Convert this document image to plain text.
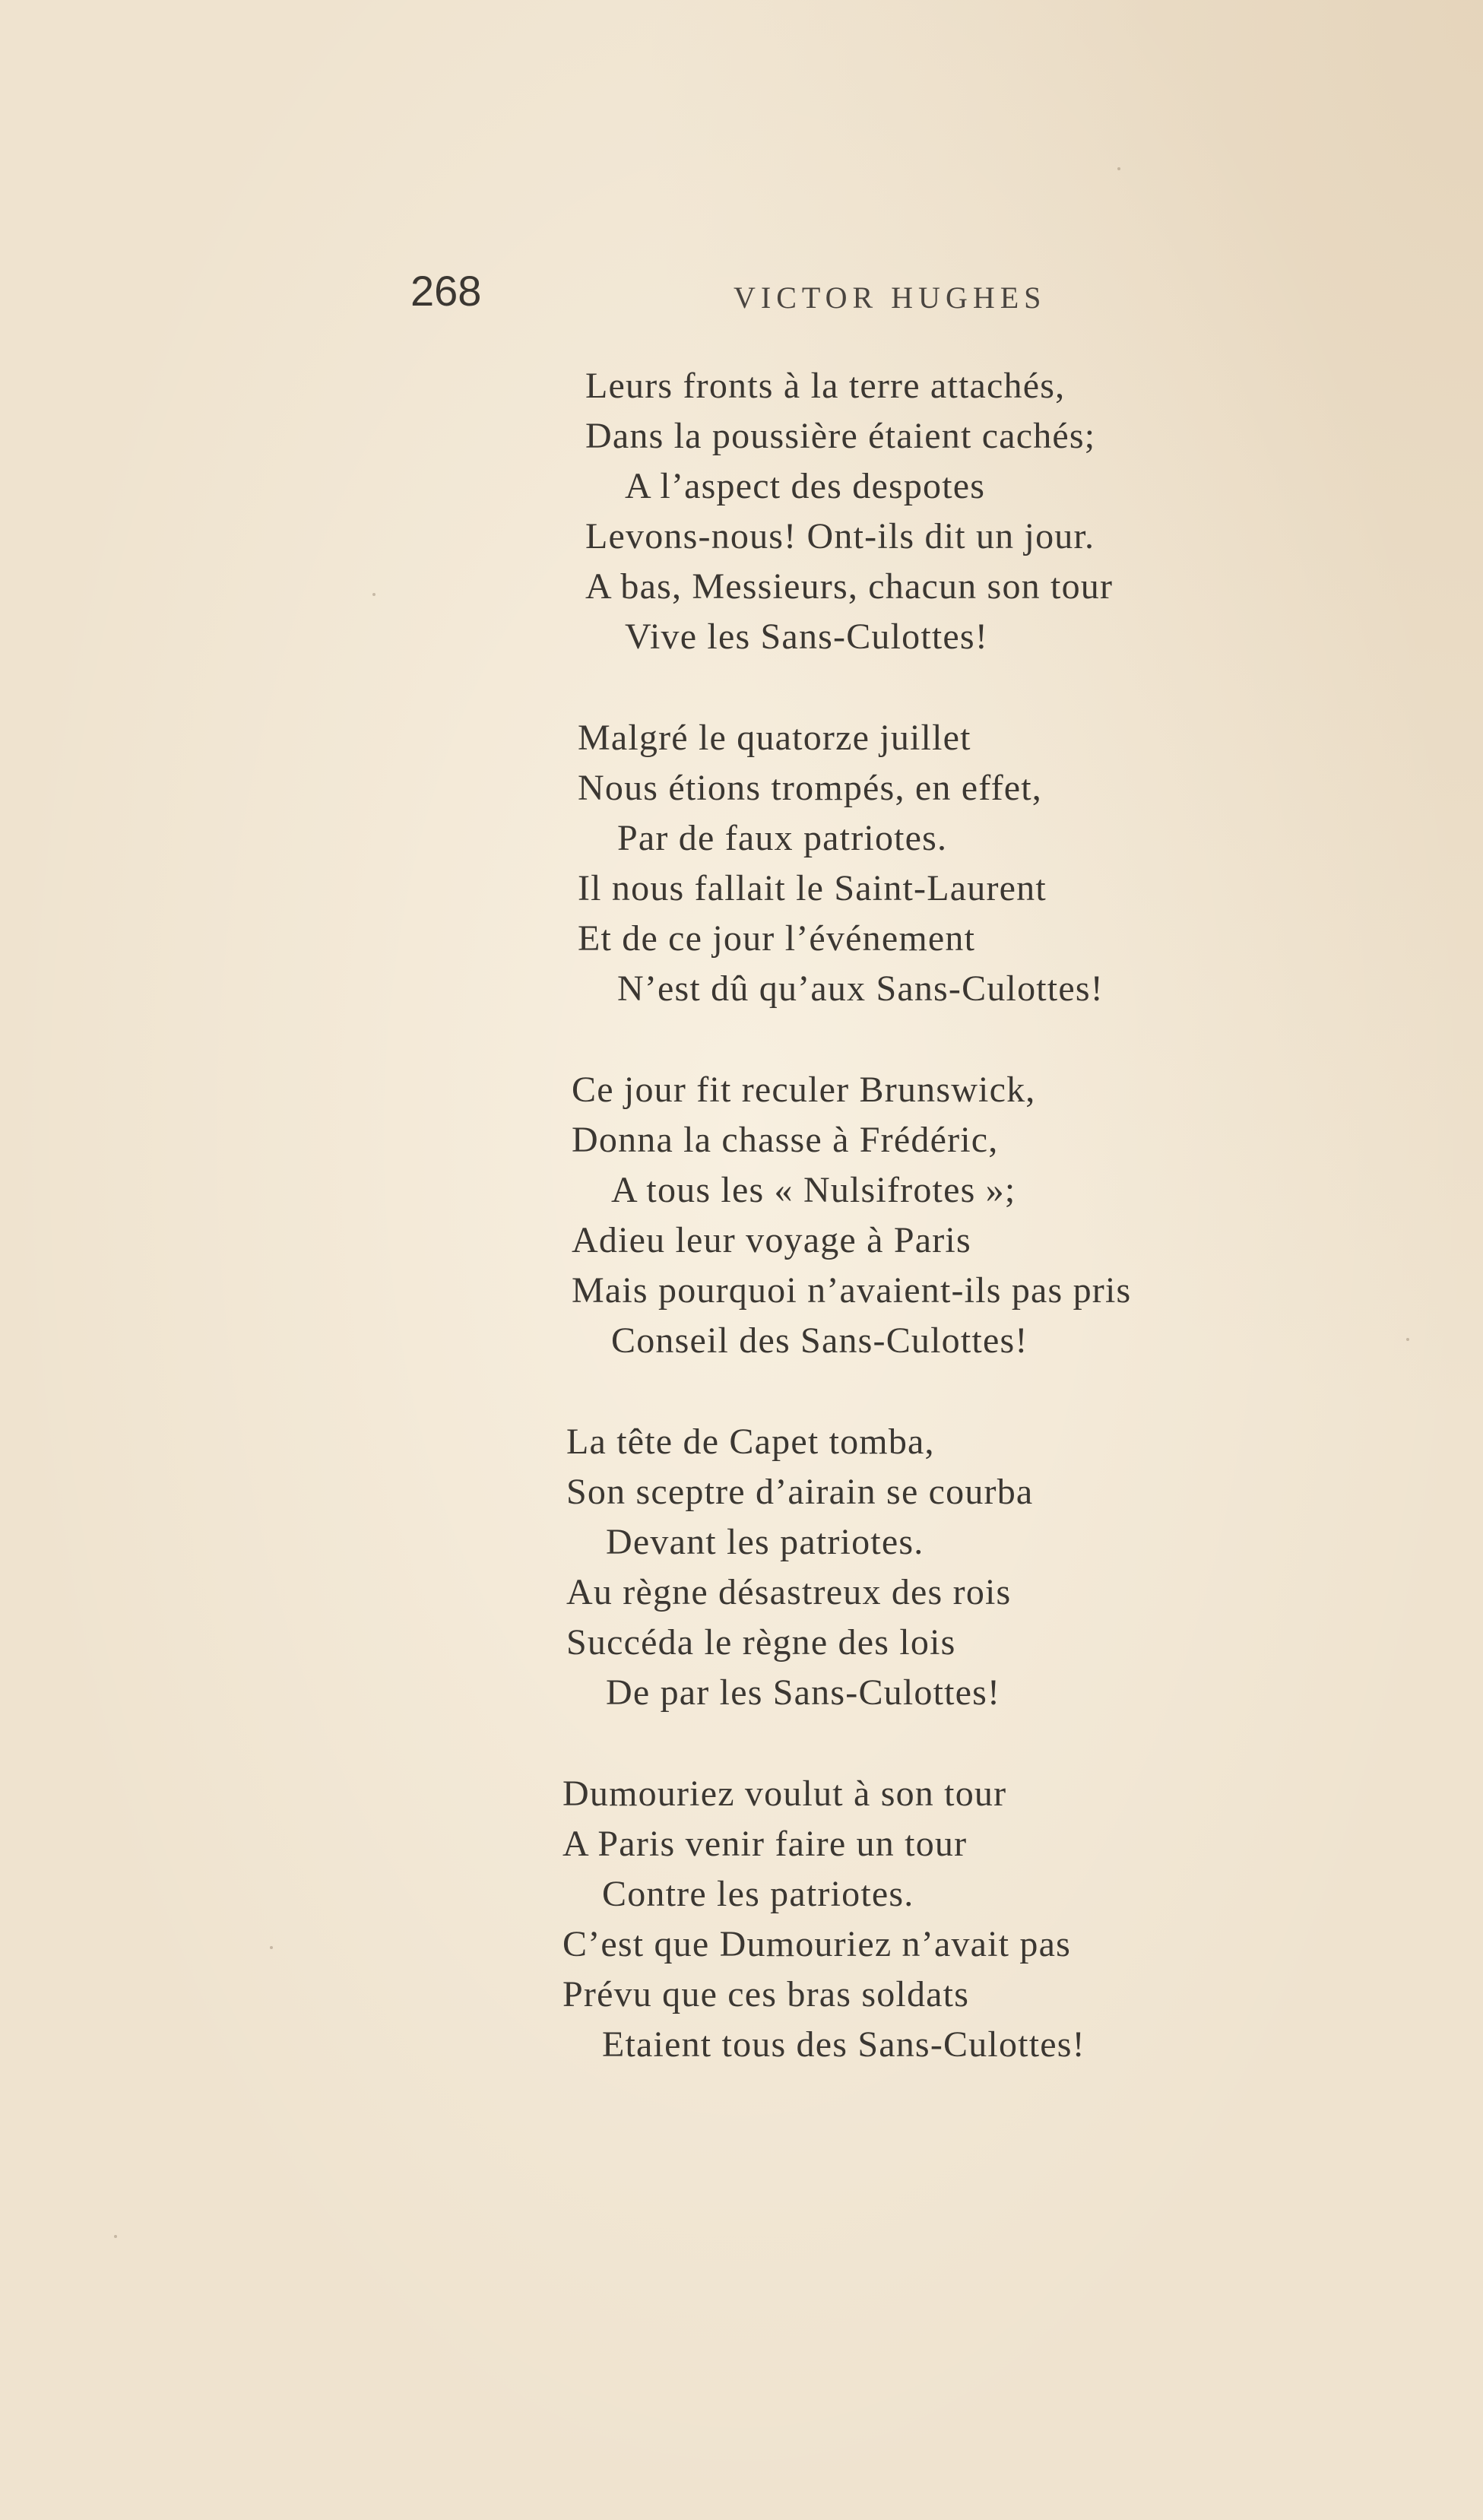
268	VICTOR HUGHES
Leurs fronts à la terre attachés,
Dans la poussière étaient cachés;
A l’aspect des despotes
Levons-nous! Ont-ils dit un jour.
A bas, Messieurs, chacun son tour
Vive les Sans-Culottes!
Malgré le quatorze juillet
Nous étions trompés, en effet,
Par de faux patriotes.
Il nous fallait le Saint-Laurent
Et de ce jour l’événement
N’est dû qu’aux Sans-Culottes!
Ce jour fit reculer Brunswick,
Donna la chasse à Frédéric,
A tous les « Nulsifrotes »;
Adieu leur voyage à Paris
Mais pourquoi n’avaient-ils pas pris
Conseil des Sans-Culottes!
La tête de Capet tomba,
Son sceptre d’airain se courba
Devant les patriotes.
Au règne désastreux des rois
Succéda le règne des lois
De par les Sans-Culottes!
Dumouriez voulut à son tour
A Paris venir faire un tour
Contre les patriotes.
C’est que Dumouriez n’avait pas
Prévu que ces bras soldats
Etaient tous des Sans-Culottes!
